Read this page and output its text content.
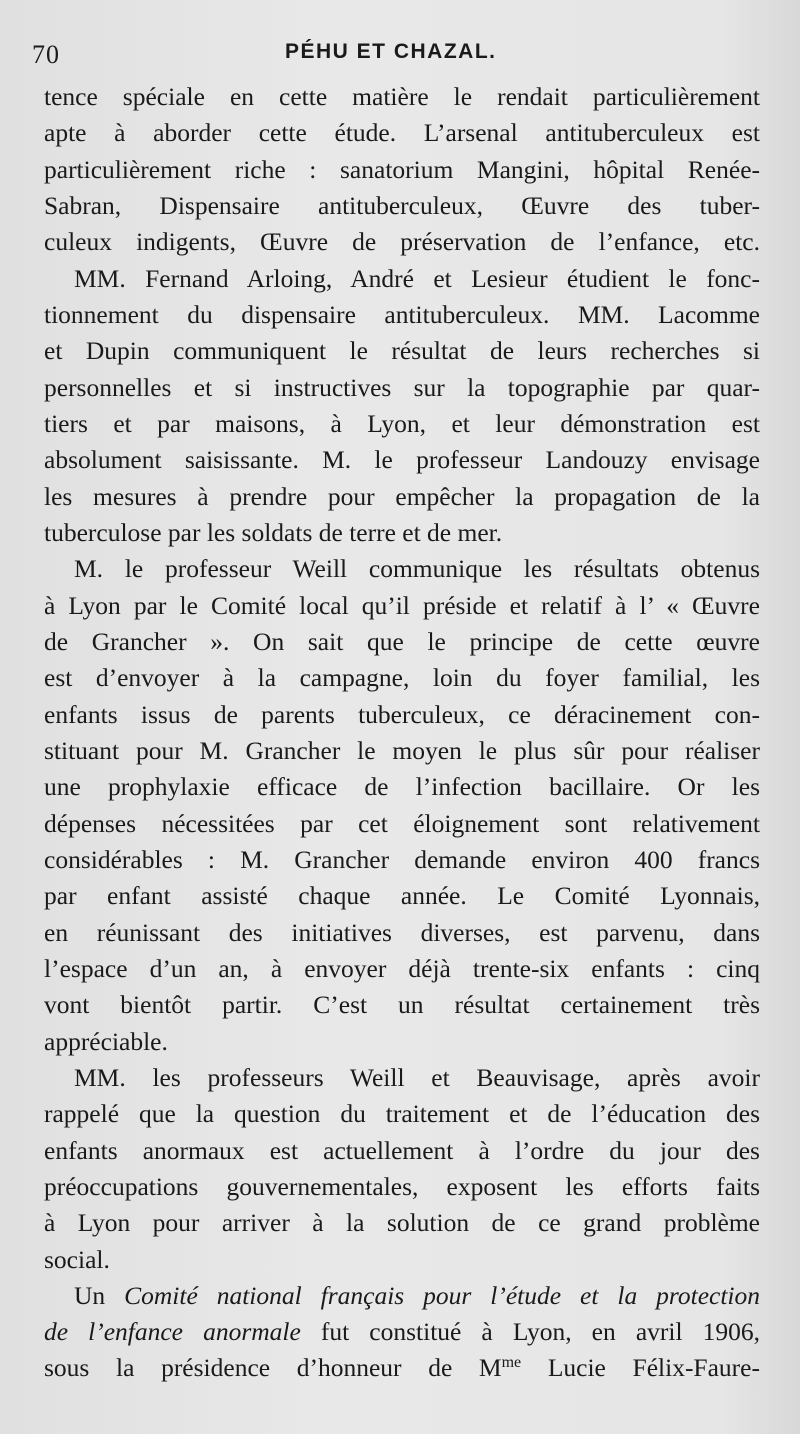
70	PÉHU ET CHAZAL.
tence spéciale en cette matière le rendait particulièrement
apte à aborder cette étude. L’arsenal antituberculeux est
particulièrement riche : sanatorium Mangini, hôpital Renée-
Sabran, Dispensaire antituberculeux, Œuvre des tuber-
culeux indigents, Œuvre de préservation de l’enfance, etc.
MM. Fernand Arloing, André et Lesieur étudient le fonc-
tionnement du dispensaire antituberculeux. MM. Lacomme
et Dupin communiquent le résultat de leurs recherches si
personnelles et si instructives sur la topographie par quar-
tiers et par maisons, à Lyon, et leur démonstration est
absolument saisissante. M. le professeur Landouzy envisage
les mesures à prendre pour empêcher la propagation de la
tuberculose par les soldats de terre et de mer.
M. le professeur Weill communique les résultats obtenus
à Lyon par le Comité local qu’il préside et relatif à l’ « Œuvre
de Grancher ». On sait que le principe de cette œuvre
est d’envoyer à la campagne, loin du foyer familial, les
enfants issus de parents tuberculeux, ce déracinement con-
stituant pour M. Grancher le moyen le plus sûr pour réaliser
une prophylaxie efficace de l’infection bacillaire. Or les
dépenses nécessitées par cet éloignement sont relativement
considérables : M. Grancher demande environ 400 francs
par enfant assisté chaque année. Le Comité Lyonnais,
en réunissant des initiatives diverses, est parvenu, dans
l’espace d’un an, à envoyer déjà trente-six enfants : cinq
vont bientôt partir. C’est un résultat certainement très
appréciable.
MM. les professeurs Weill et Beauvisage, après avoir
rappelé que la question du traitement et de l’éducation des
enfants anormaux est actuellement à l’ordre du jour des
préoccupations gouvernementales, exposent les efforts faits
à Lyon pour arriver à la solution de ce grand problème
social.
Un Comité national français pour l’étude et la protection
de l’enfance anormale fut constitué à Lyon, en avril 1906,
sous la présidence d’honneur de $M^{me}$ Lucie Félix-Faure-
